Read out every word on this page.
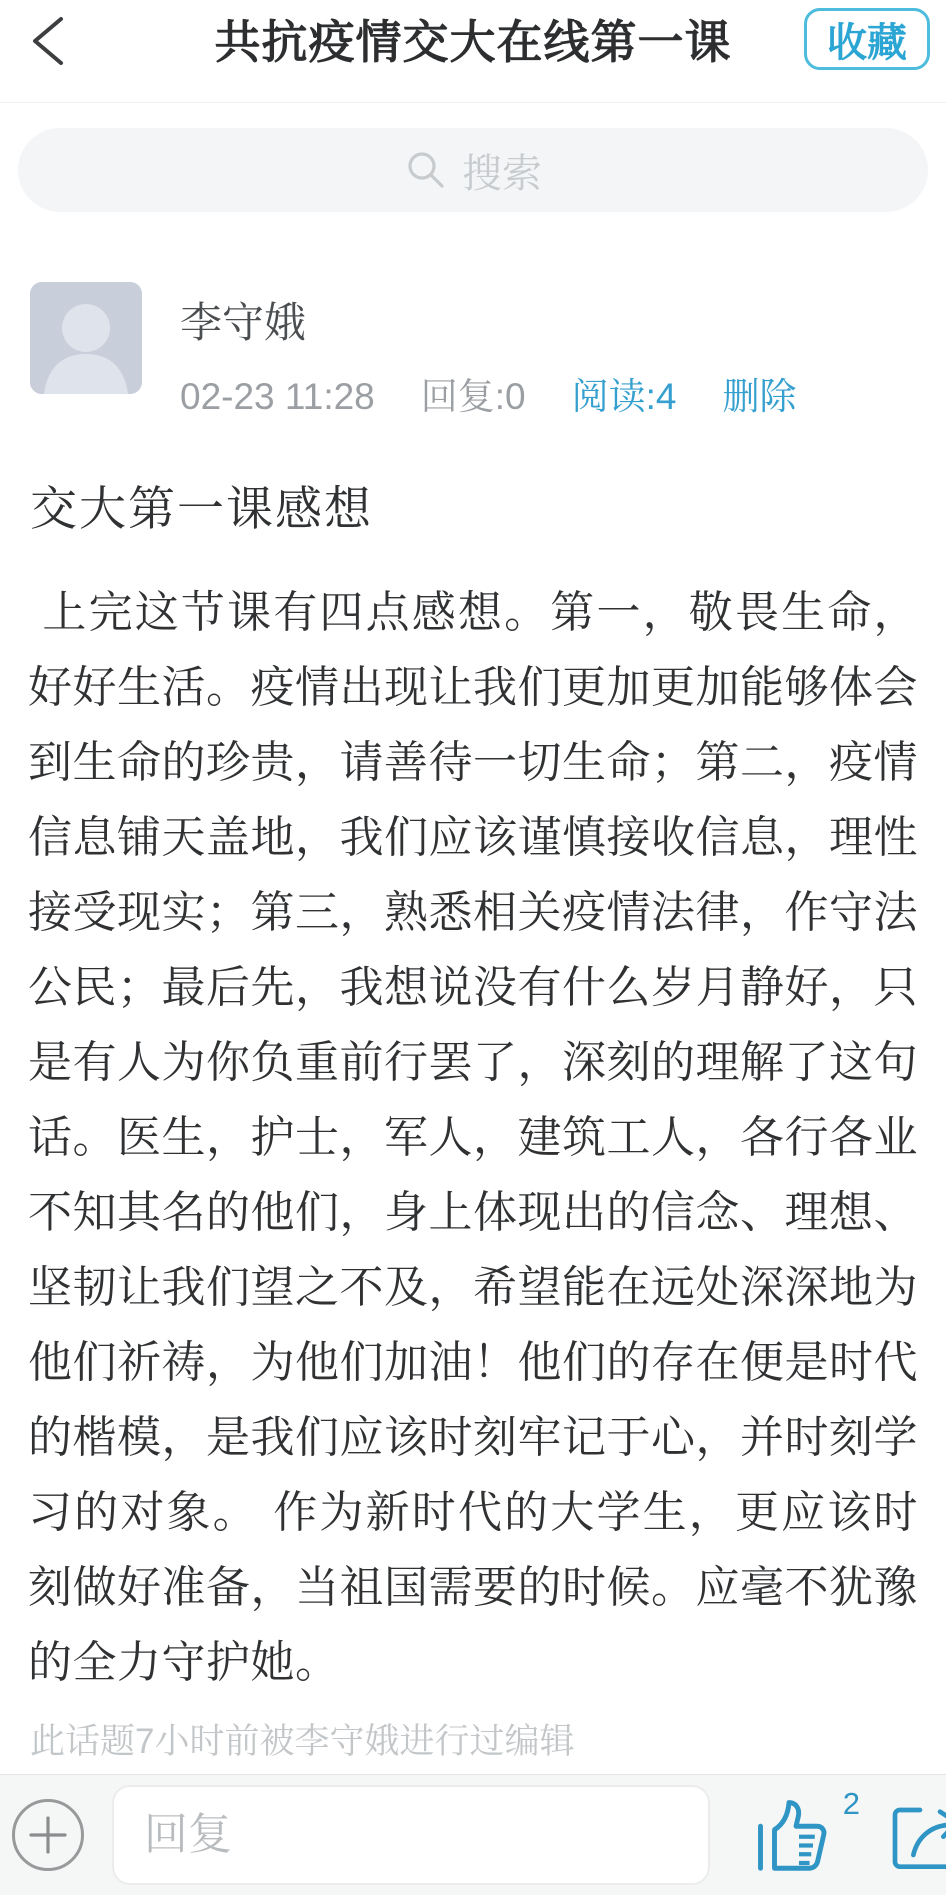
共抗疫情交大在线第一课	收藏
搜索
李守娥
02-23 11:28 回复:0 阅读:4 删除
交大第一课感想
上完这节课有四点感想。第一，敬畏生命，好好生活。疫情出现让我们更加更加能够体会到生命的珍贵，请善待一切生命；第二，疫情信息铺天盖地，我们应该谨慎接收信息，理性接受现实；第三，熟悉相关疫情法律，作守法公民；最后先，我想说没有什么岁月静好，只是有人为你负重前行罢了，深刻的理解了这句话。医生，护士，军人，建筑工人，各行各业不知其名的他们，身上体现出的信念、理想、坚韧让我们望之不及，希望能在远处深深地为他们祈祷，为他们加油！他们的存在便是时代的楷模，是我们应该时刻牢记于心，并时刻学习的对象。 作为新时代的大学生，更应该时刻做好准备，当祖国需要的时候。应毫不犹豫的全力守护她。
此话题7小时前被李守娥进行过编辑
回复
2
